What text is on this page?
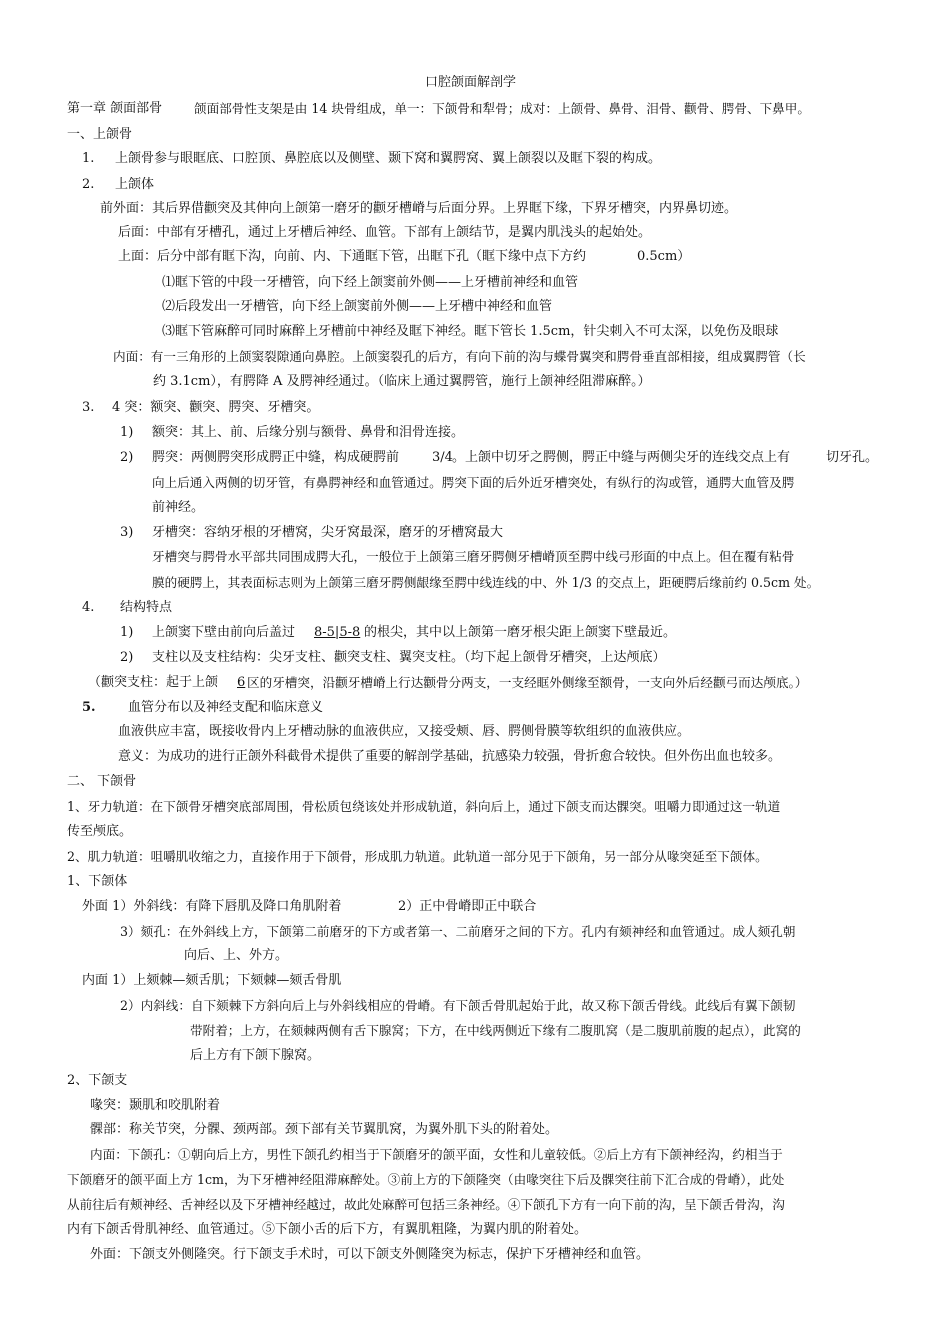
口腔颌面解剖学
第一章 颌面部骨	颌面部骨性支架是由 14 块骨组成，单一：下颌骨和犁骨；成对：上颌骨、鼻骨、泪骨、颧骨、腭骨、下鼻甲。
一、上颌骨
1. 上颌骨参与眼眶底、口腔顶、鼻腔底以及侧壁、颞下窝和翼腭窝、翼上颌裂以及眶下裂的构成。
2. 上颌体
前外面：其后界借颧突及其伸向上颌第一磨牙的颧牙槽嵴与后面分界。上界眶下缘，下界牙槽突，内界鼻切迹。
后面：中部有牙槽孔，通过上牙槽后神经、血管。下部有上颌结节，是翼内肌浅头的起始处。
上面：后分中部有眶下沟，向前、内、下通眶下管，出眶下孔（眶下缘中点下方约	0.5cm）
⑴眶下管的中段一牙槽管，向下经上颌窦前外侧——上牙槽前神经和血管
⑵后段发出一牙槽管，向下经上颌窦前外侧——上牙槽中神经和血管
⑶眶下管麻醉可同时麻醉上牙槽前中神经及眶下神经。眶下管长 1.5cm，针尖刺入不可太深，以免伤及眼球
内面：有一三角形的上颌窦裂隙通向鼻腔。上颌窦裂孔的后方，有向下前的沟与蝶骨翼突和腭骨垂直部相接，组成翼腭管（长
约 3.1cm），有腭降 A 及腭神经通过。（临床上通过翼腭管，施行上颌神经阻滞麻醉。）
3. 4 突：额突、颧突、腭突、牙槽突。
1) 额突：其上、前、后缘分别与额骨、鼻骨和泪骨连接。
2) 腭突：两侧腭突形成腭正中缝，构成硬腭前	3/4 。上颌中切牙之腭侧，腭正中缝与两侧尖牙的连线交点上有	切牙孔。
向上后通入两侧的切牙管，有鼻腭神经和血管通过。腭突下面的后外近牙槽突处，有纵行的沟或管，通腭大血管及腭
前神经。
3) 牙槽突：容纳牙根的牙槽窝，尖牙窝最深，磨牙的牙槽窝最大
牙槽突与腭骨水平部共同围成腭大孔，一般位于上颌第三磨牙腭侧牙槽嵴顶至腭中线弓形面的中点上。但在覆有粘骨
膜的硬腭上，其表面标志则为上颌第三磨牙腭侧龈缘至腭中线连线的中、外 1/3 的交点上，距硬腭后缘前约 0.5cm 处。
4. 结构特点
1) 上颌窦下壁由前向后盖过 8-5|5-8 的根尖，其中以上颌第一磨牙根尖距上颌窦下壁最近。
2) 支柱以及支柱结构：尖牙支柱、颧突支柱、翼突支柱。（均下起上颌骨牙槽突，上达颅底）
（颧突支柱：起于上颌 6 区的牙槽突，沿颧牙槽嵴上行达颧骨分两支，一支经眶外侧缘至额骨，一支向外后经颧弓而达颅底。）
5. 血管分布以及神经支配和临床意义
血液供应丰富，既接收骨内上牙槽动脉的血液供应，又接受颊、唇、腭侧骨膜等软组织的血液供应。
意义：为成功的进行正颌外科截骨术提供了重要的解剖学基础，抗感染力较强，骨折愈合较快。但外伤出血也较多。
二、 下颌骨
1、牙力轨道：在下颌骨牙槽突底部周围，骨松质包绕该处并形成轨道，斜向后上，通过下颌支而达髁突。咀嚼力即通过这一轨道
传至颅底。
2、肌力轨道：咀嚼肌收缩之力，直接作用于下颌骨，形成肌力轨道。此轨道一部分见于下颌角，另一部分从喙突延至下颌体。
1、下颌体
外面 1）外斜线：有降下唇肌及降口角肌附着	2）正中骨嵴即正中联合
3）颏孔：在外斜线上方，下颌第二前磨牙的下方或者第一、二前磨牙之间的下方。孔内有颏神经和血管通过。成人颏孔朝
向后、上、外方。
内面 1）上颏棘—颏舌肌；下颏棘—颏舌骨肌
2）内斜线：自下颏棘下方斜向后上与外斜线相应的骨嵴。有下颌舌骨肌起始于此，故又称下颌舌骨线。此线后有翼下颌韧
带附着；上方，在颏棘两侧有舌下腺窝；下方，在中线两侧近下缘有二腹肌窝（是二腹肌前腹的起点），此窝的
后上方有下颌下腺窝。
2、下颌支
喙突：颞肌和咬肌附着
髁部：称关节突，分髁、颈两部。颈下部有关节翼肌窝，为翼外肌下头的附着处。
内面：下颌孔：①朝向后上方，男性下颌孔约相当于下颌磨牙的颌平面，女性和儿童较低。②后上方有下颌神经沟，约相当于
下颌磨牙的颌平面上方 1cm，为下牙槽神经阻滞麻醉处。③前上方的下颌隆突（由喙突往下后及髁突往前下汇合成的骨嵴），此处
从前往后有颊神经、舌神经以及下牙槽神经越过，故此处麻醉可包括三条神经。④下颌孔下方有一向下前的沟，呈下颌舌骨沟，沟
内有下颌舌骨肌神经、血管通过。⑤下颌小舌的后下方，有翼肌粗隆，为翼内肌的附着处。
外面：下颌支外侧隆突。行下颌支手术时，可以下颌支外侧隆突为标志，保护下牙槽神经和血管。
